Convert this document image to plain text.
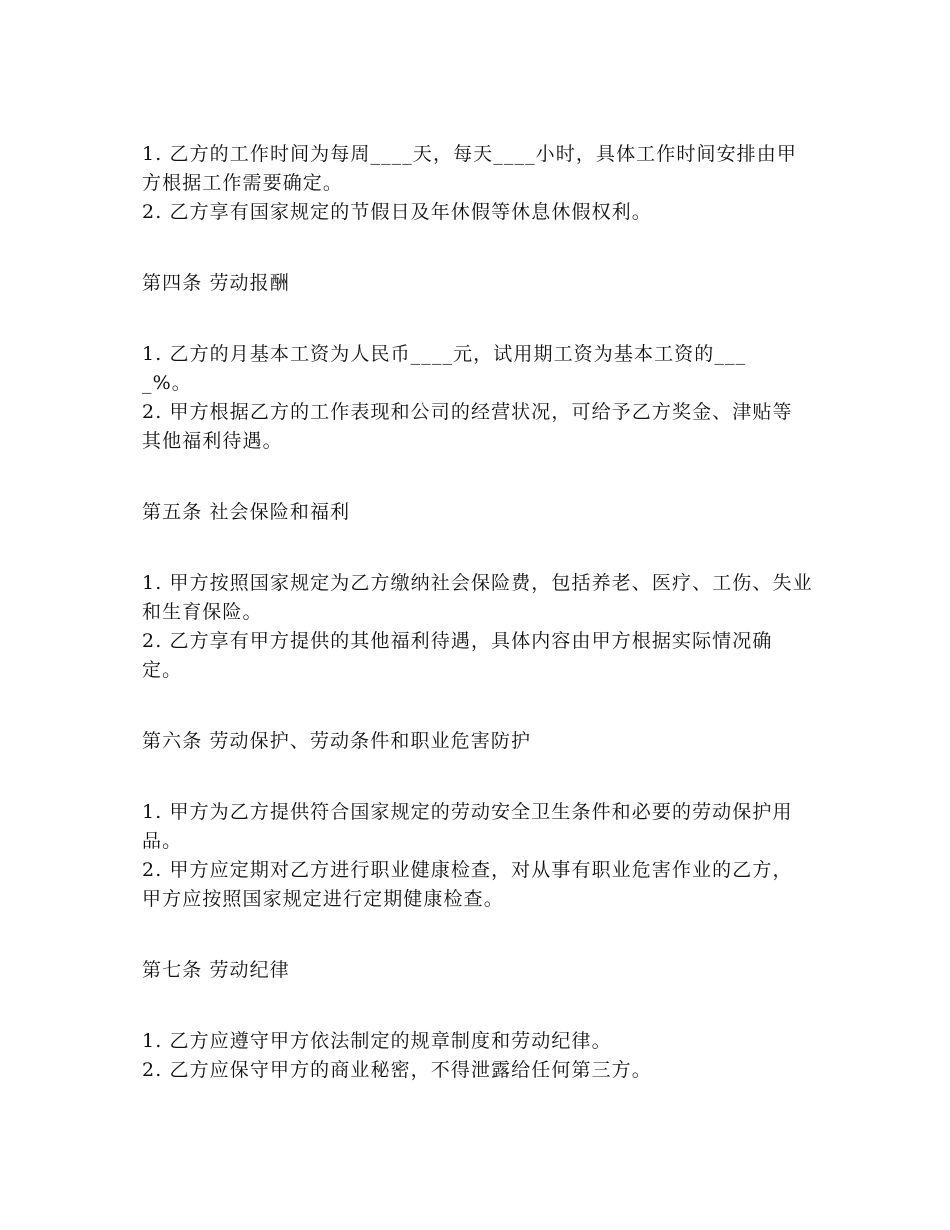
1. 乙方的工作时间为每周____天，每天____小时，具体工作时间安排由甲方根据工作需要确定。

2. 乙方享有国家规定的节假日及年休假等休息休假权利。

第四条 劳动报酬

1. 乙方的月基本工资为人民币____元，试用期工资为基本工资的____%。

2. 甲方根据乙方的工作表现和公司的经营状况，可给予乙方奖金、津贴等其他福利待遇。

第五条 社会保险和福利

1. 甲方按照国家规定为乙方缴纳社会保险费，包括养老、医疗、工伤、失业和生育保险。

2. 乙方享有甲方提供的其他福利待遇，具体内容由甲方根据实际情况确定。

第六条 劳动保护、劳动条件和职业危害防护

1. 甲方为乙方提供符合国家规定的劳动安全卫生条件和必要的劳动保护用品。

2. 甲方应定期对乙方进行职业健康检查，对从事有职业危害作业的乙方，甲方应按照国家规定进行定期健康检查。

第七条 劳动纪律

1. 乙方应遵守甲方依法制定的规章制度和劳动纪律。

2. 乙方应保守甲方的商业秘密，不得泄露给任何第三方。
